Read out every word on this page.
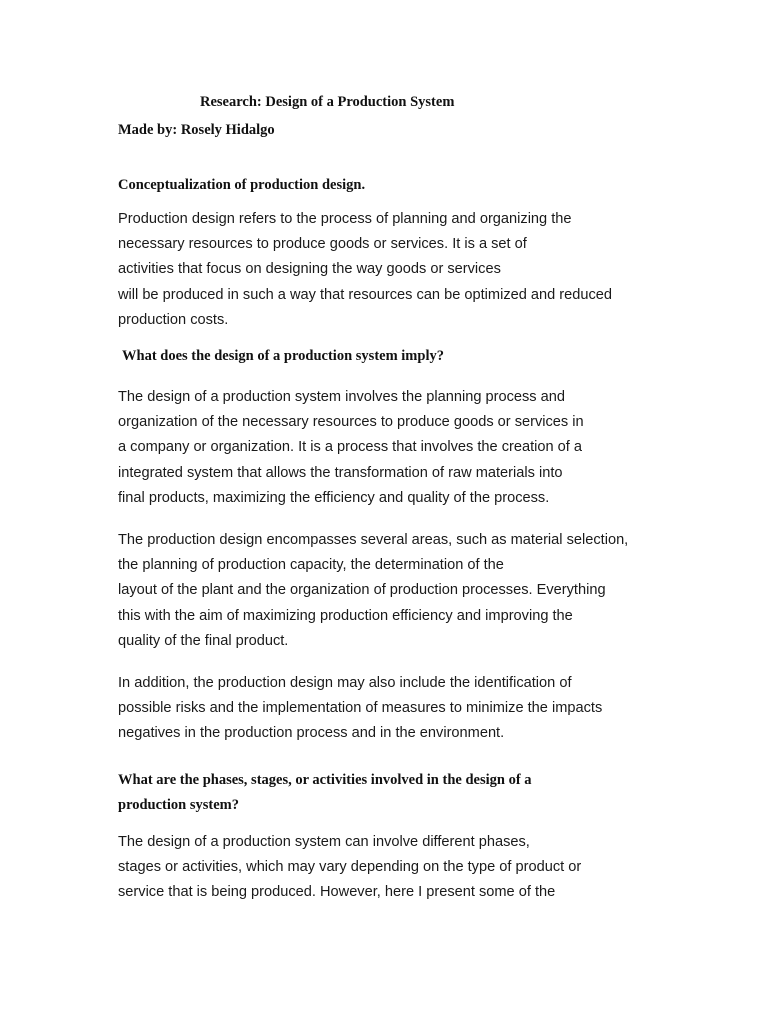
Research: Design of a Production System
Made by: Rosely Hidalgo
Conceptualization of production design.
Production design refers to the process of planning and organizing the
necessary resources to produce goods or services. It is a set of
activities that focus on designing the way goods or services
will be produced in such a way that resources can be optimized and reduced
production costs.
What does the design of a production system imply?
The design of a production system involves the planning process and
organization of the necessary resources to produce goods or services in
a company or organization. It is a process that involves the creation of a
integrated system that allows the transformation of raw materials into
final products, maximizing the efficiency and quality of the process.
The production design encompasses several areas, such as material selection,
the planning of production capacity, the determination of the
layout of the plant and the organization of production processes. Everything
this with the aim of maximizing production efficiency and improving the
quality of the final product.
In addition, the production design may also include the identification of
possible risks and the implementation of measures to minimize the impacts
negatives in the production process and in the environment.
What are the phases, stages, or activities involved in the design of a
production system?
The design of a production system can involve different phases,
stages or activities, which may vary depending on the type of product or
service that is being produced. However, here I present some of the
